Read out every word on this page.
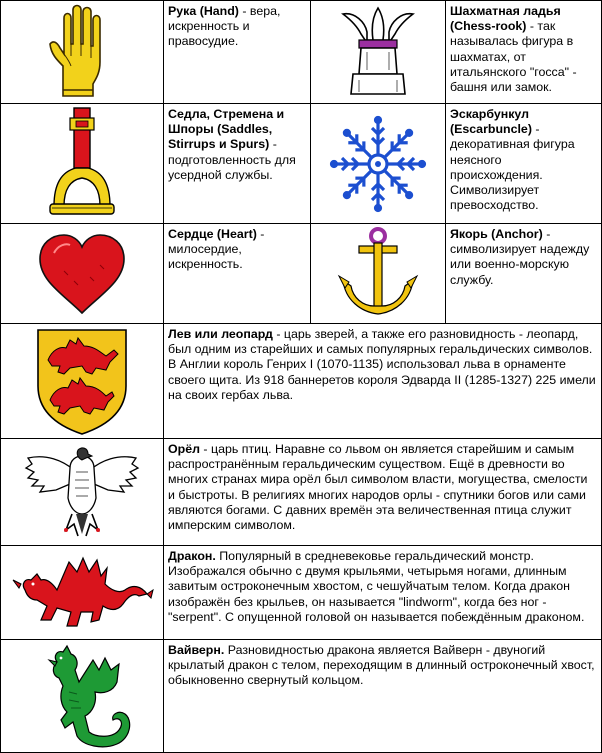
Рука (Hand) - вера, искренность и правосудие.
Шахматная ладья (Chess-rook) - так называлась фигура в шахматах, от итальянского "госса" - башня или замок.
Седла, Стремена и Шпоры (Saddles, Stirrups и Spurs) - подготовленность для усердной службы.
Эскарбункул (Escarbuncle) - декоративная фигура неясного происхождения. Символизирует превосходство.
Сердце (Heart) - милосердие, искренность.
Якорь (Anchor) - символизирует надежду или военно-морскую службу.
Лев или леопард - царь зверей, а также его разновидность - леопард, был одним из старейших и самых популярных геральдических символов. В Англии король Генрих I (1070-1135) использовал льва в орнаменте своего щита. Из 918 баннеретов короля Эдварда II (1285-1327) 225 имели на своих гербах льва.
Орёл - царь птиц. Наравне со львом он является старейшим и самым распространённым геральдическим существом. Ещё в древности во многих странах мира орёл был символом власти, могущества, смелости и быстроты. В религиях многих народов орлы - спутники богов или сами являются богами. С давних времён эта величественная птица служит имперским символом.
Дракон. Популярный в средневековье геральдический монстр. Изображался обычно с двумя крыльями, четырьмя ногами, длинным завитым остроконечным хвостом, с чешуйчатым телом. Когда дракон изображён без крыльев, он называется "lindworm", когда без ног - "serpent". С опущенной головой он называется побеждённым драконом.
Вайверн. Разновидностью дракона является Вайверн - двуногий крылатый дракон с телом, переходящим в длинный остроконечный хвост, обыкновенно свернутый кольцом.
